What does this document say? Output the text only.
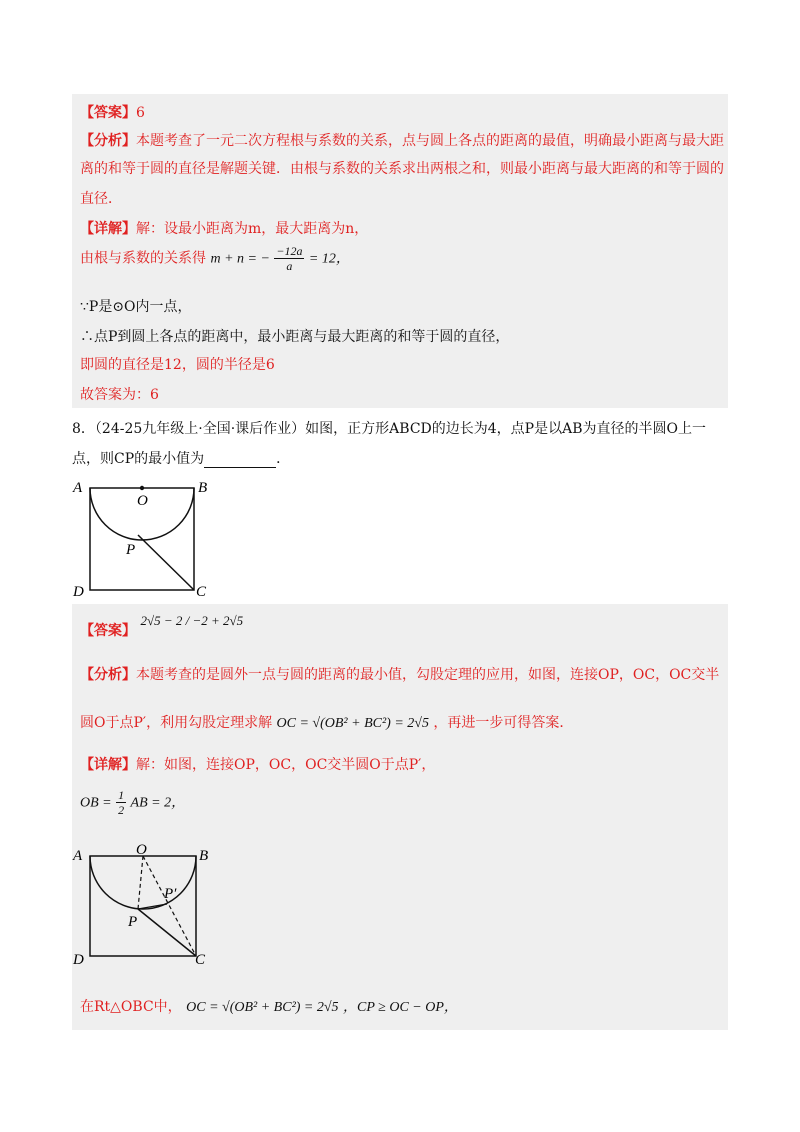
【答案】6
【分析】本题考查了一元二次方程根与系数的关系，点与圆上各点的距离的最值，明确最小距离与最大距
离的和等于圆的直径是解题关键．由根与系数的关系求出两根之和，则最小距离与最大距离的和等于圆的
直径．
【详解】解：设最小距离为m，最大距离为n，
由根与系数的关系得 m + n = − $\frac{-12a}{a} = 12$，
∵P是⊙O内一点，
∴点P到圆上各点的距离中，最小距离与最大距离的和等于圆的直径，
即圆的直径是12，圆的半径是6
故答案为：6
8．（24-25九年级上·全国·课后作业）如图，正方形ABCD的边长为4，点P是以AB为直径的半圆O上一
点，则CP的最小值为	．
A	B
O
P
D	C
【答案】 2√5 − 2 / −2 + 2√5
【分析】本题考查的是圆外一点与圆的距离的最小值，勾股定理的应用，如图，连接OP，OC，OC交半
圆O于点P′，利用勾股定理求解 OC = √(OB² + BC²) = 2√5 ，再进一步可得答案．
【详解】解：如图，连接OP，OC，OC交半圆O于点P′，
OB = $\frac{1}{2}$ AB = 2，
A	B
O
P′
P
D	C
在Rt△OBC中， OC = √(OB² + BC²) = 2√5 ，CP ≥ OC − OP，
